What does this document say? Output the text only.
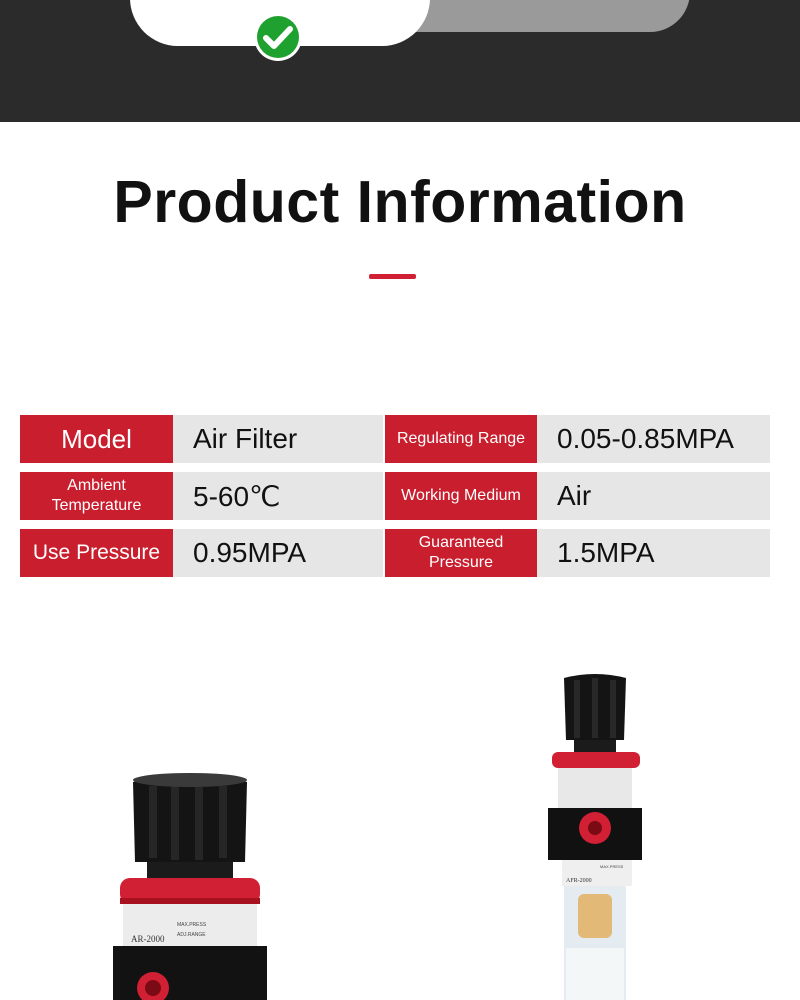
Product Information
Model	Air Filter	Regulating Range	0.05-0.85MPA
Ambient Temperature	5-60℃	Working Medium	Air
Use Pressure	0.95MPA	Guaranteed Pressure	1.5MPA
AR-2000
MAX.PRESS
ADJ.RANGE
AFR-2000
MAX.PRESS
